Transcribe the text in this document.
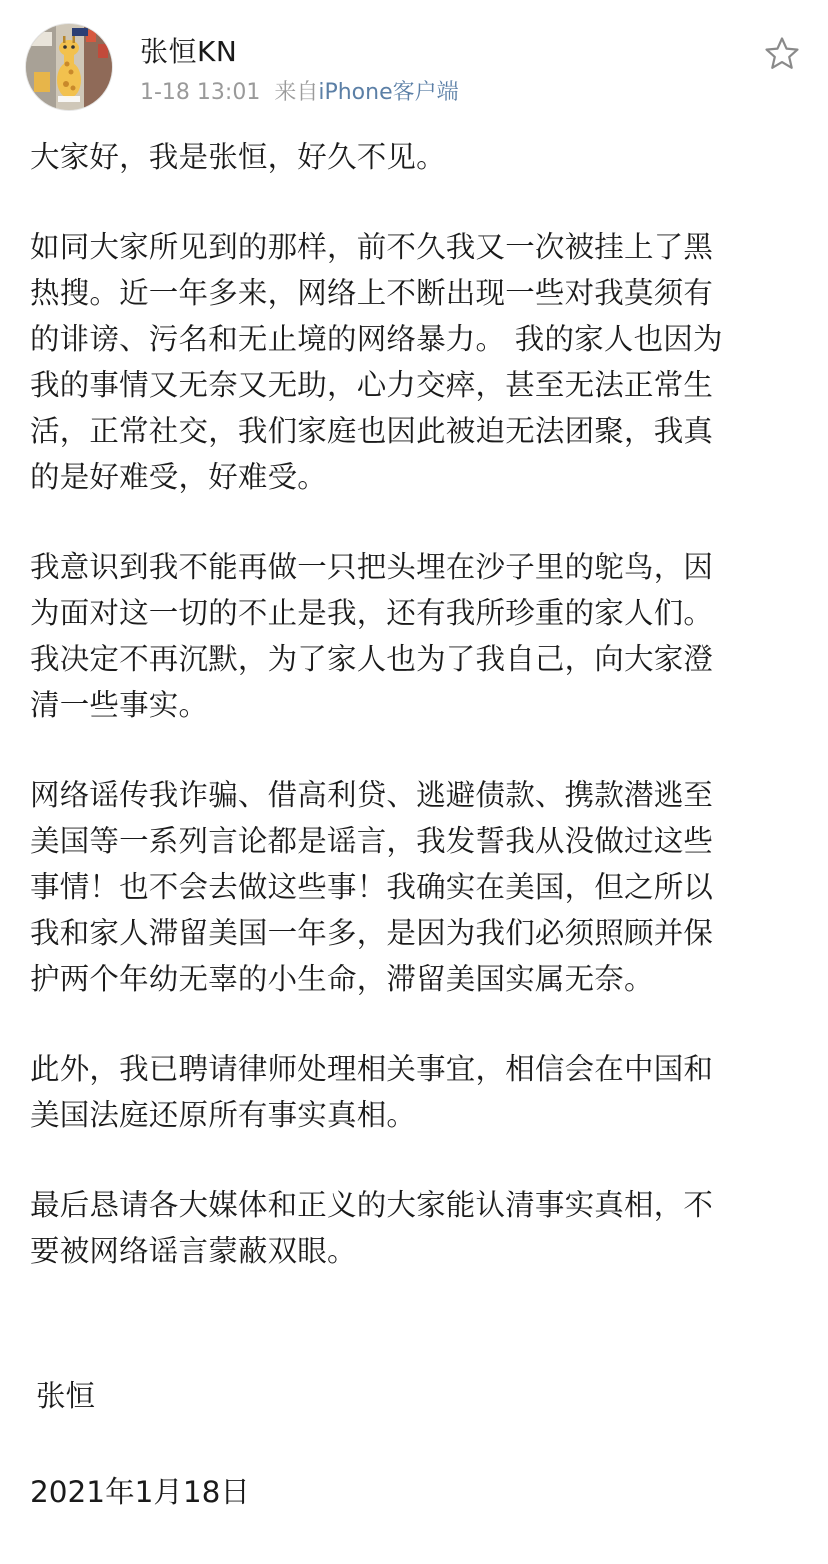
张恒KN
1-18 13:01 来自iPhone客户端

大家好，我是张恒，好久不见。

如同大家所见到的那样，前不久我又一次被挂上了黑
热搜。近一年多来，网络上不断出现一些对我莫须有
的诽谤、污名和无止境的网络暴力。 我的家人也因为
我的事情又无奈又无助，心力交瘁，甚至无法正常生
活，正常社交，我们家庭也因此被迫无法团聚，我真
的是好难受，好难受。

我意识到我不能再做一只把头埋在沙子里的鸵鸟，因
为面对这一切的不止是我，还有我所珍重的家人们。
我决定不再沉默，为了家人也为了我自己，向大家澄
清一些事实。

网络谣传我诈骗、借高利贷、逃避债款、携款潜逃至
美国等一系列言论都是谣言，我发誓我从没做过这些
事情！也不会去做这些事！我确实在美国，但之所以
我和家人滞留美国一年多，是因为我们必须照顾并保
护两个年幼无辜的小生命，滞留美国实属无奈。

此外，我已聘请律师处理相关事宜，相信会在中国和
美国法庭还原所有事实真相。

最后恳请各大媒体和正义的大家能认清事实真相，不
要被网络谣言蒙蔽双眼。

张恒

2021年1月18日
